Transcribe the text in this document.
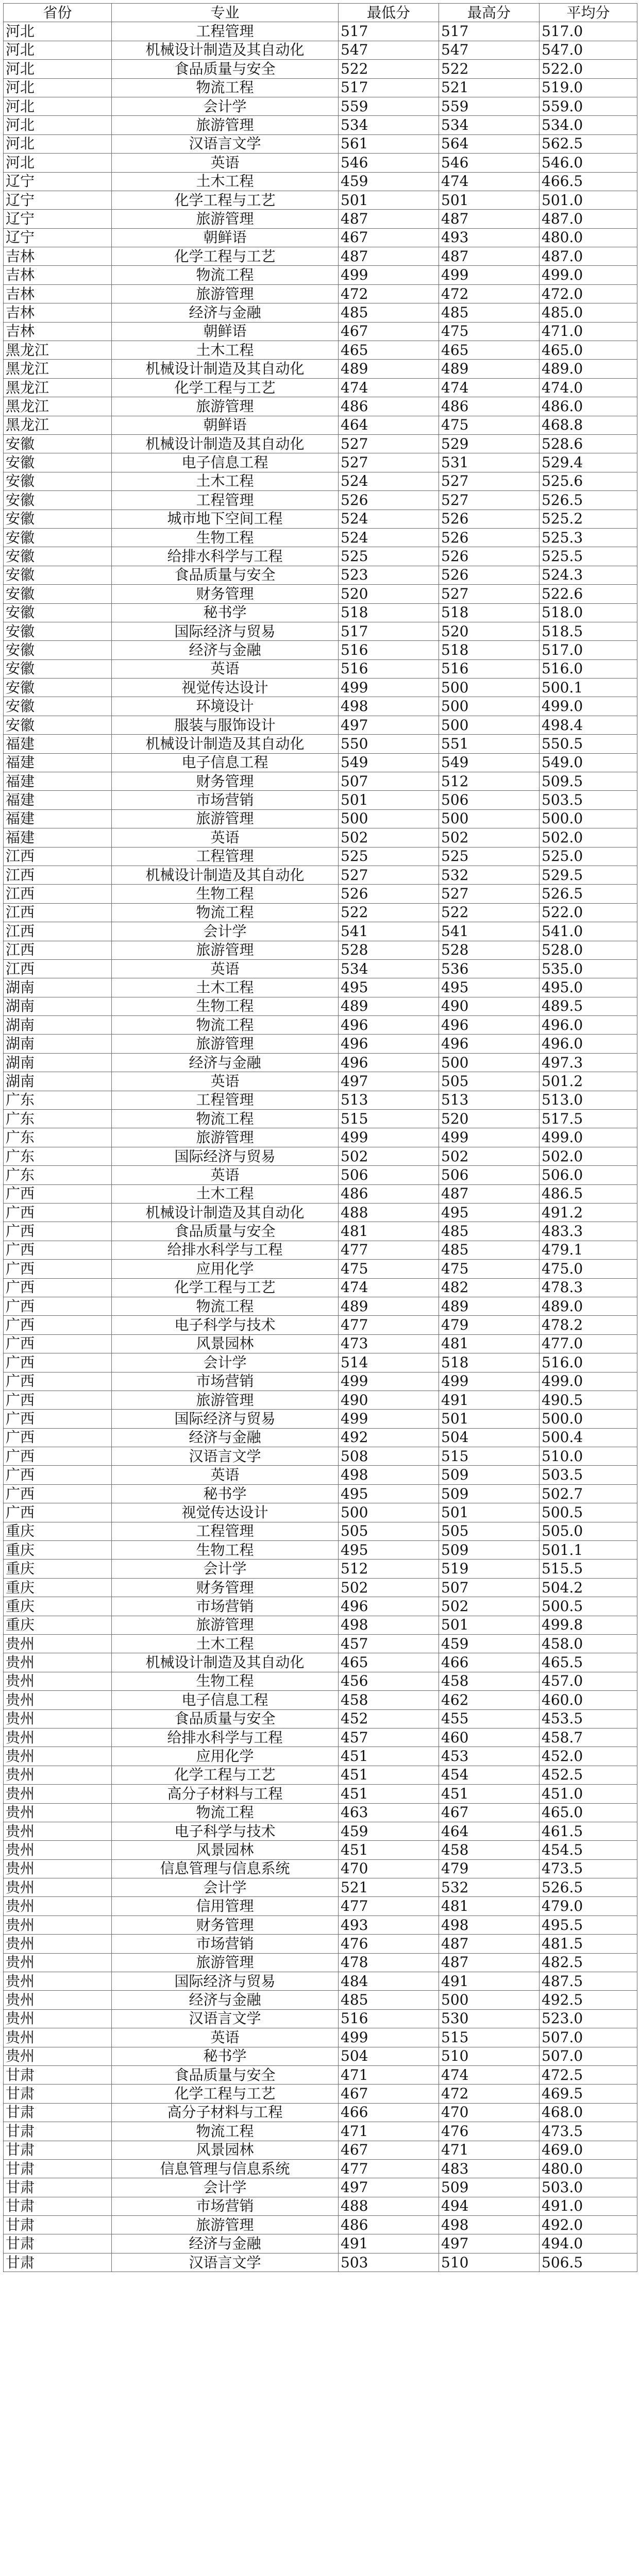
省份	专业	最低分	最高分	平均分
河北	工程管理	517	517	517.0
河北	机械设计制造及其自动化	547	547	547.0
河北	食品质量与安全	522	522	522.0
河北	物流工程	517	521	519.0
河北	会计学	559	559	559.0
河北	旅游管理	534	534	534.0
河北	汉语言文学	561	564	562.5
河北	英语	546	546	546.0
辽宁	土木工程	459	474	466.5
辽宁	化学工程与工艺	501	501	501.0
辽宁	旅游管理	487	487	487.0
辽宁	朝鲜语	467	493	480.0
吉林	化学工程与工艺	487	487	487.0
吉林	物流工程	499	499	499.0
吉林	旅游管理	472	472	472.0
吉林	经济与金融	485	485	485.0
吉林	朝鲜语	467	475	471.0
黑龙江	土木工程	465	465	465.0
黑龙江	机械设计制造及其自动化	489	489	489.0
黑龙江	化学工程与工艺	474	474	474.0
黑龙江	旅游管理	486	486	486.0
黑龙江	朝鲜语	464	475	468.8
安徽	机械设计制造及其自动化	527	529	528.6
安徽	电子信息工程	527	531	529.4
安徽	土木工程	524	527	525.6
安徽	工程管理	526	527	526.5
安徽	城市地下空间工程	524	526	525.2
安徽	生物工程	524	526	525.3
安徽	给排水科学与工程	525	526	525.5
安徽	食品质量与安全	523	526	524.3
安徽	财务管理	520	527	522.6
安徽	秘书学	518	518	518.0
安徽	国际经济与贸易	517	520	518.5
安徽	经济与金融	516	518	517.0
安徽	英语	516	516	516.0
安徽	视觉传达设计	499	500	500.1
安徽	环境设计	498	500	499.0
安徽	服装与服饰设计	497	500	498.4
福建	机械设计制造及其自动化	550	551	550.5
福建	电子信息工程	549	549	549.0
福建	财务管理	507	512	509.5
福建	市场营销	501	506	503.5
福建	旅游管理	500	500	500.0
福建	英语	502	502	502.0
江西	工程管理	525	525	525.0
江西	机械设计制造及其自动化	527	532	529.5
江西	生物工程	526	527	526.5
江西	物流工程	522	522	522.0
江西	会计学	541	541	541.0
江西	旅游管理	528	528	528.0
江西	英语	534	536	535.0
湖南	土木工程	495	495	495.0
湖南	生物工程	489	490	489.5
湖南	物流工程	496	496	496.0
湖南	旅游管理	496	496	496.0
湖南	经济与金融	496	500	497.3
湖南	英语	497	505	501.2
广东	工程管理	513	513	513.0
广东	物流工程	515	520	517.5
广东	旅游管理	499	499	499.0
广东	国际经济与贸易	502	502	502.0
广东	英语	506	506	506.0
广西	土木工程	486	487	486.5
广西	机械设计制造及其自动化	488	495	491.2
广西	食品质量与安全	481	485	483.3
广西	给排水科学与工程	477	485	479.1
广西	应用化学	475	475	475.0
广西	化学工程与工艺	474	482	478.3
广西	物流工程	489	489	489.0
广西	电子科学与技术	477	479	478.2
广西	风景园林	473	481	477.0
广西	会计学	514	518	516.0
广西	市场营销	499	499	499.0
广西	旅游管理	490	491	490.5
广西	国际经济与贸易	499	501	500.0
广西	经济与金融	492	504	500.4
广西	汉语言文学	508	515	510.0
广西	英语	498	509	503.5
广西	秘书学	495	509	502.7
广西	视觉传达设计	500	501	500.5
重庆	工程管理	505	505	505.0
重庆	生物工程	495	509	501.1
重庆	会计学	512	519	515.5
重庆	财务管理	502	507	504.2
重庆	市场营销	496	502	500.5
重庆	旅游管理	498	501	499.8
贵州	土木工程	457	459	458.0
贵州	机械设计制造及其自动化	465	466	465.5
贵州	生物工程	456	458	457.0
贵州	电子信息工程	458	462	460.0
贵州	食品质量与安全	452	455	453.5
贵州	给排水科学与工程	457	460	458.7
贵州	应用化学	451	453	452.0
贵州	化学工程与工艺	451	454	452.5
贵州	高分子材料与工程	451	451	451.0
贵州	物流工程	463	467	465.0
贵州	电子科学与技术	459	464	461.5
贵州	风景园林	451	458	454.5
贵州	信息管理与信息系统	470	479	473.5
贵州	会计学	521	532	526.5
贵州	信用管理	477	481	479.0
贵州	财务管理	493	498	495.5
贵州	市场营销	476	487	481.5
贵州	旅游管理	478	487	482.5
贵州	国际经济与贸易	484	491	487.5
贵州	经济与金融	485	500	492.5
贵州	汉语言文学	516	530	523.0
贵州	英语	499	515	507.0
贵州	秘书学	504	510	507.0
甘肃	食品质量与安全	471	474	472.5
甘肃	化学工程与工艺	467	472	469.5
甘肃	高分子材料与工程	466	470	468.0
甘肃	物流工程	471	476	473.5
甘肃	风景园林	467	471	469.0
甘肃	信息管理与信息系统	477	483	480.0
甘肃	会计学	497	509	503.0
甘肃	市场营销	488	494	491.0
甘肃	旅游管理	486	498	492.0
甘肃	经济与金融	491	497	494.0
甘肃	汉语言文学	503	510	506.5
